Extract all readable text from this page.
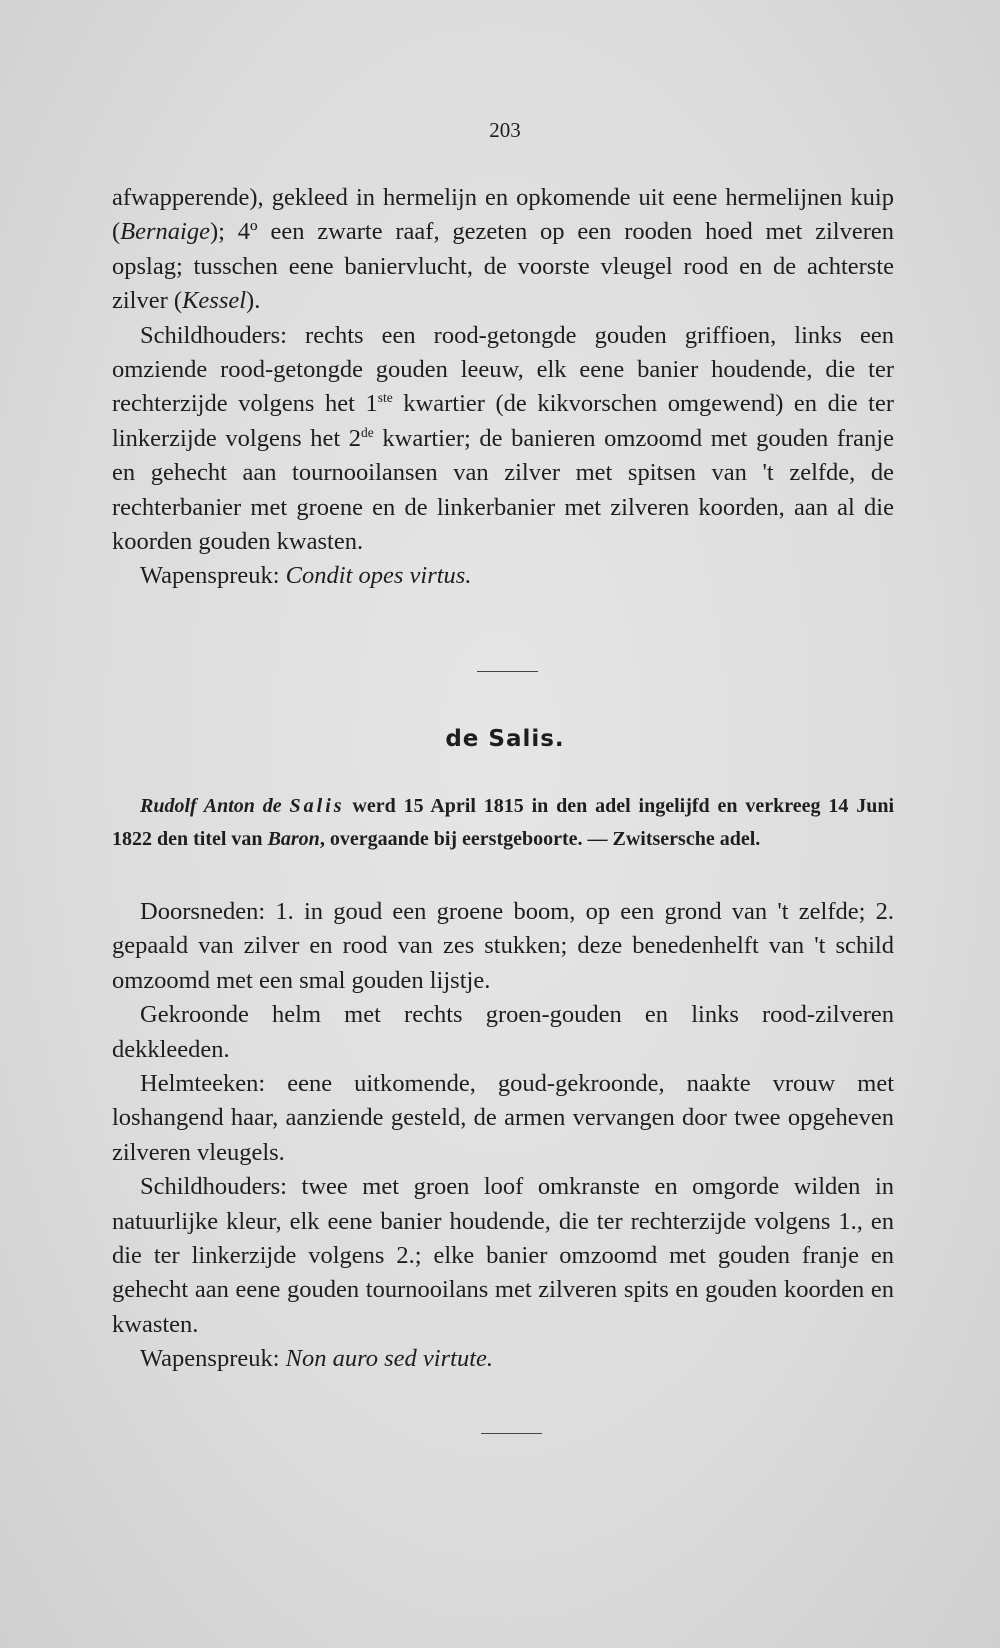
203

afwapperende), gekleed in hermelijn en opkomende uit eene hermelijnen kuip (Bernaige); 4º een zwarte raaf, gezeten op een rooden hoed met zilveren opslag; tusschen eene baniervlucht, de voorste vleugel rood en de achterste zilver (Kessel).

Schildhouders: rechts een rood-getongde gouden griffioen, links een omziende rood-getongde gouden leeuw, elk eene banier houdende, die ter rechterzijde volgens het 1ste kwartier (de kikvorschen omgewend) en die ter linkerzijde volgens het 2de kwartier; de banieren omzoomd met gouden franje en gehecht aan tournooilansen van zilver met spitsen van 't zelfde, de rechterbanier met groene en de linkerbanier met zilveren koorden, aan al die koorden gouden kwasten.

Wapenspreuk: Condit opes virtus.

de Salis.
Rudolf Anton de Salis werd 15 April 1815 in den adel ingelijfd en verkreeg 14 Juni 1822 den titel van Baron, overgaande bij eerstgeboorte. — Zwitsersche adel.

Doorsneden: 1. in goud een groene boom, op een grond van 't zelfde; 2. gepaald van zilver en rood van zes stukken; deze benedenhelft van 't schild omzoomd met een smal gouden lijstje.

Gekroonde helm met rechts groen-gouden en links rood-zilveren dekkleeden.

Helmteeken: eene uitkomende, goud-gekroonde, naakte vrouw met loshangend haar, aanziende gesteld, de armen vervangen door twee opgeheven zilveren vleugels.

Schildhouders: twee met groen loof omkranste en omgorde wilden in natuurlijke kleur, elk eene banier houdende, die ter rechterzijde volgens 1., en die ter linkerzijde volgens 2.; elke banier omzoomd met gouden franje en gehecht aan eene gouden tournooilans met zilveren spits en gouden koorden en kwasten.

Wapenspreuk: Non auro sed virtute.
